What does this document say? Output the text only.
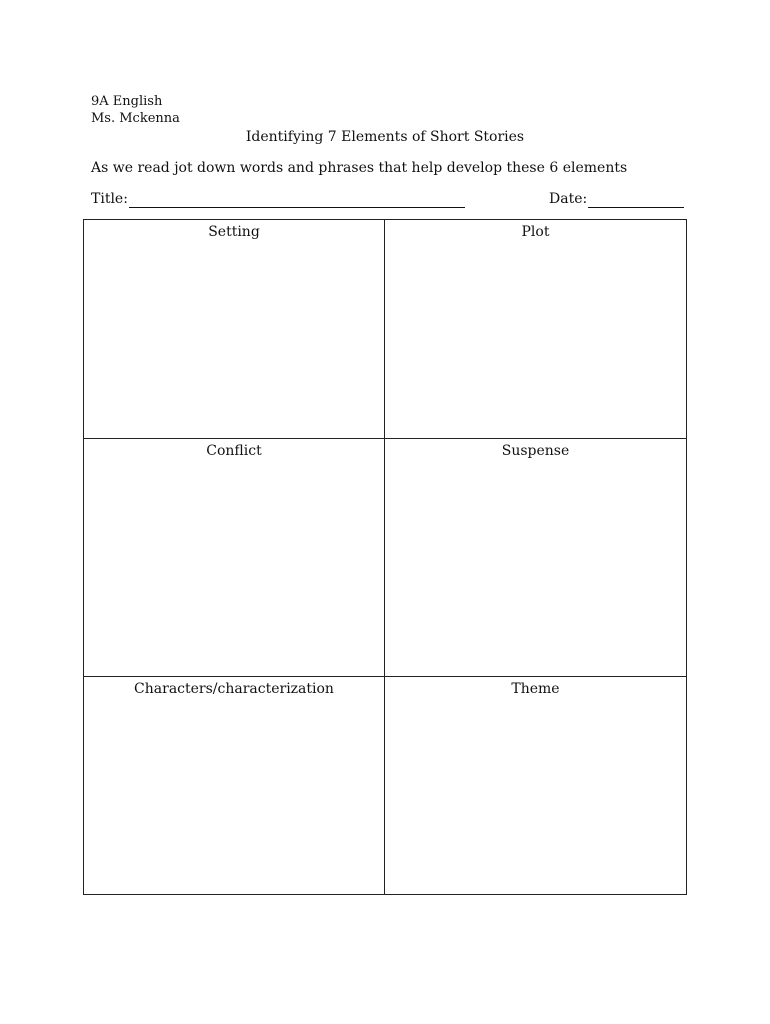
9A English
Ms. Mckenna
Identifying 7 Elements of Short Stories
As we read jot down words and phrases that help develop these 6 elements
Title:	Date:
Setting	Plot
Conflict	Suspense
Characters/characterization	Theme
